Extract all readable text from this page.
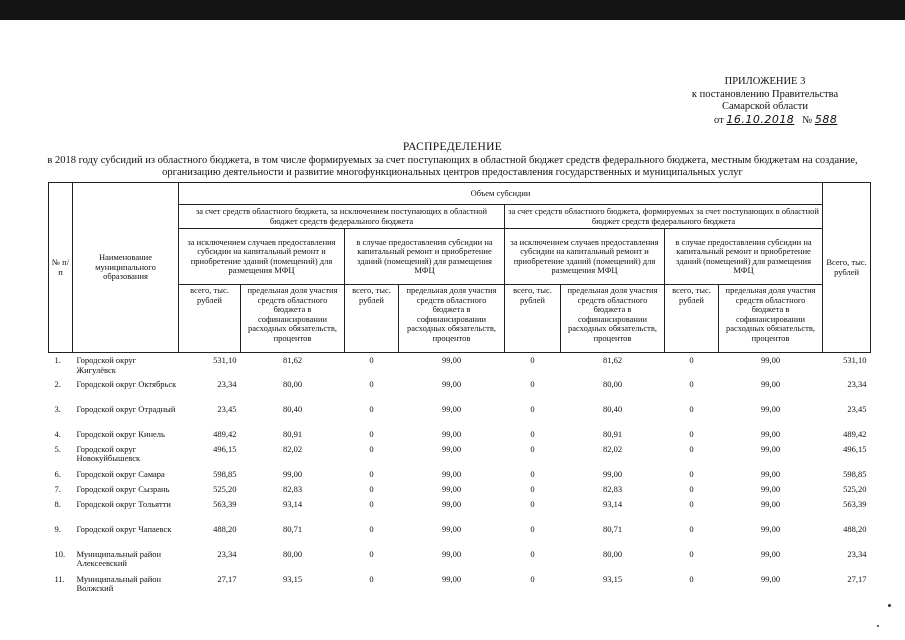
ПРИЛОЖЕНИЕ 3
к постановлению Правительства
Самарской области
от 16.10.2018 № 588
РАСПРЕДЕЛЕНИЕ
в 2018 году субсидий из областного бюджета, в том числе формируемых за счет поступающих в областной бюджет средств федерального бюджета, местным бюджетам на создание, организацию деятельности и развитие многофункциональных центров предоставления государственных и муниципальных услуг
№ п/п	Наименование муниципального образования	Объем субсидии								Всего, тыс. рублей
		за счет средств областного бюджета, за исключением поступающих в областной бюджет средств федерального бюджета				за счет средств областного бюджета, формируемых за счет поступающих в областной бюджет средств федерального бюджета				
		за исключением случаев предоставления субсидии на капитальный ремонт и приобретение зданий (помещений) для размещения МФЦ		в случае предоставления субсидии на капитальный ремонт и приобретение зданий (помещений) для размещения МФЦ		за исключением случаев предоставления субсидии на капитальный ремонт и приобретение зданий (помещений) для размещения МФЦ		в случае предоставления субсидии на капитальный ремонт и приобретение зданий (помещений) для размещения МФЦ		
		всего, тыс. рублей	предельная доля участия средств областного бюджета в софинансировании расходных обязательств, процентов	всего, тыс. рублей	предельная доля участия средств областного бюджета в софинансировании расходных обязательств, процентов	всего, тыс. рублей	предельная доля участия средств областного бюджета в софинансировании расходных обязательств, процентов	всего, тыс. рублей	предельная доля участия средств областного бюджета в софинансировании расходных обязательств, процентов	
1.	Городской округ Жигулёвск	531,10	81,62	0	99,00	0	81,62	0	99,00	531,10
2.	Городской округ Октябрьск	23,34	80,00	0	99,00	0	80,00	0	99,00	23,34
3.	Городской округ Отрадный	23,45	80,40	0	99,00	0	80,40	0	99,00	23,45
4.	Городской округ Кинель	489,42	80,91	0	99,00	0	80,91	0	99,00	489,42
5.	Городской округ Новокуйбышевск	496,15	82,02	0	99,00	0	82,02	0	99,00	496,15
6.	Городской округ Самара	598,85	99,00	0	99,00	0	99,00	0	99,00	598,85
7.	Городской округ Сызрань	525,20	82,83	0	99,00	0	82,83	0	99,00	525,20
8.	Городской округ Тольятти	563,39	93,14	0	99,00	0	93,14	0	99,00	563,39
9.	Городской округ Чапаевск	488,20	80,71	0	99,00	0	80,71	0	99,00	488,20
10.	Муниципальный район Алексеевский	23,34	80,00	0	99,00	0	80,00	0	99,00	23,34
11.	Муниципальный район Волжский	27,17	93,15	0	99,00	0	93,15	0	99,00	27,17
